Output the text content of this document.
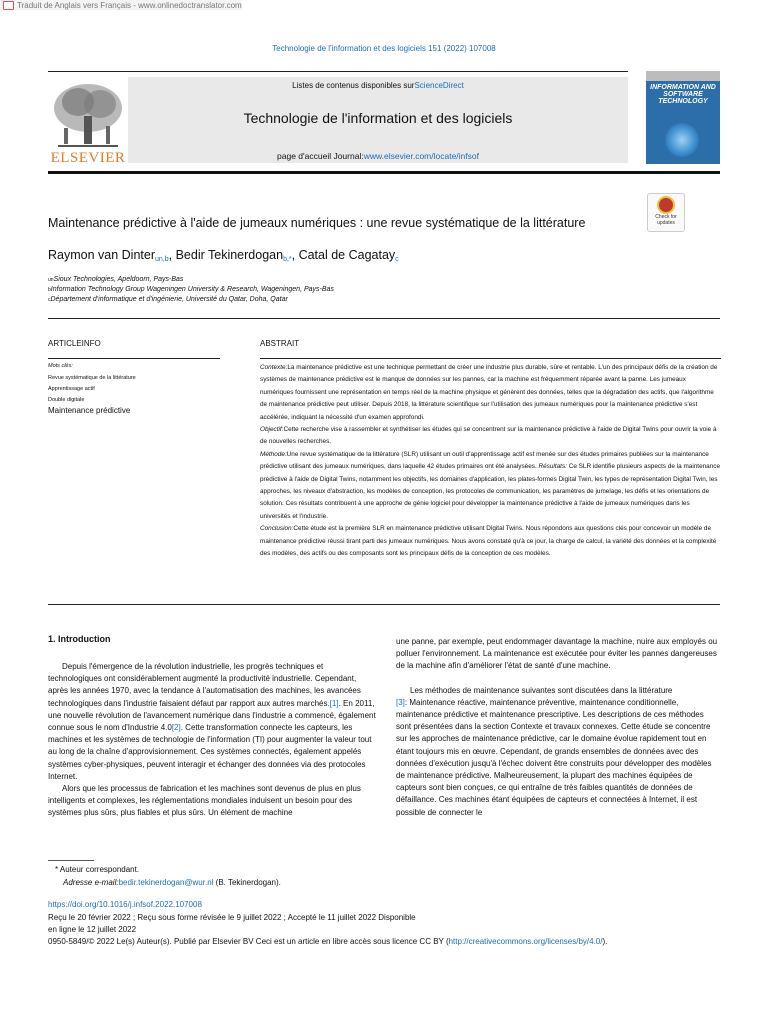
Traduit de Anglais vers Français - www.onlinedoctranslator.com
Technologie de l'information et des logiciels 151 (2022) 107008
ELSEVIER
Listes de contenus disponibles surScienceDirect
Technologie de l'information et des logiciels
page d'accueil Journal:www.elsevier.com/locate/infsof
INFORMATION AND SOFTWARE TECHNOLOGY
Maintenance prédictive à l'aide de jumeaux numériques : une revue systématique de la littérature	Check for updates
Raymon van Dinter$^{un,b}$, Bedir Tekinerdogan$^{b,*}$, Catal de Cagatay$^c$
unSioux Technologies, Apeldoorn, Pays-Bas
bInformation Technology Group Wageningen University & Research, Wageningen, Pays-Bas
cDépartement d'informatique et d'ingénierie, Université du Qatar, Doha, Qatar
ARTICLEINFO
Mots clés:
Revue systématique de la littérature
Apprentissage actif
Double digitale
Maintenance prédictive
ABSTRAIT
Contexte:La maintenance prédictive est une technique permettant de créer une industrie plus durable, sûre et rentable. L'un des principaux défis de la création de systèmes de maintenance prédictive est le manque de données sur les pannes, car la machine est fréquemment réparée avant la panne. Les jumeaux numériques fournissent une représentation en temps réel de la machine physique et génèrent des données, telles que la dégradation des actifs, que l'algorithme de maintenance prédictive peut utiliser. Depuis 2018, la littérature scientifique sur l'utilisation des jumeaux numériques pour la maintenance prédictive s'est accélérée, indiquant la nécessité d'un examen approfondi.
Objectif:Cette recherche vise à rassembler et synthétiser les études qui se concentrent sur la maintenance prédictive à l'aide de Digital Twins pour ouvrir la voie à de nouvelles recherches.
Méthode:Une revue systématique de la littérature (SLR) utilisant un outil d'apprentissage actif est menée sur des études primaires publiées sur la maintenance prédictive utilisant des jumeaux numériques, dans laquelle 42 études primaires ont été analysées. Résultats: Ce SLR identifie plusieurs aspects de la maintenance prédictive à l'aide de Digital Twins, notamment les objectifs, les domaines d'application, les plates-formes Digital Twin, les types de représentation Digital Twin, les approches, les niveaux d'abstraction, les modèles de conception, les protocoles de communication, les paramètres de jumelage, les défis et les orientations de solution. Ces résultats contribuent à une approche de génie logiciel pour développer la maintenance prédictive à l'aide de jumeaux numériques dans les universités et l'industrie.
Conclusion:Cette étude est la première SLR en maintenance prédictive utilisant Digital Twins. Nous répondons aux questions clés pour concevoir un modèle de maintenance prédictive réussi tirant parti des jumeaux numériques. Nous avons constaté qu'à ce jour, la charge de calcul, la variété des données et la complexité des modèles, des actifs ou des composants sont les principaux défis de la conception de ces modèles.
1. Introduction
Depuis l'émergence de la révolution industrielle, les progrès techniques et technologiques ont considérablement augmenté la productivité industrielle. Cependant, après les années 1970, avec la tendance à l'automatisation des machines, les avancées technologiques dans l'industrie faisaient défaut par rapport aux autres marchés.[1]. En 2011, une nouvelle révolution de l'avancement numérique dans l'industrie a commencé, également connue sous le nom d'Industrie 4.0[2]. Cette transformation connecte les capteurs, les machines et les systèmes de technologie de l'information (TI) pour augmenter la valeur tout au long de la chaîne d'approvisionnement. Ces systèmes connectés, également appelés systèmes cyber-physiques, peuvent interagir et échanger des données via des protocoles Internet.
Alors que les processus de fabrication et les machines sont devenus de plus en plus intelligents et complexes, les réglementations mondiales induisent un besoin pour des systèmes plus sûrs, plus fiables et plus sûrs. Un élément de machine
une panne, par exemple, peut endommager davantage la machine, nuire aux employés ou polluer l'environnement. La maintenance est exécutée pour éviter les pannes dangereuses de la machine afin d'améliorer l'état de santé d'une machine.
Les méthodes de maintenance suivantes sont discutées dans la littérature
[3]: Maintenance réactive, maintenance préventive, maintenance conditionnelle, maintenance prédictive et maintenance prescriptive. Les descriptions de ces méthodes sont présentées dans la section Contexte et travaux connexes. Cette étude se concentre sur les approches de maintenance prédictive, car le domaine évolue rapidement tout en étant toujours mis en œuvre. Cependant, de grands ensembles de données avec des données d'exécution jusqu'à l'échec doivent être construits pour développer des modèles de maintenance prédictive. Malheureusement, la plupart des machines équipées de capteurs sont bien conçues, ce qui entraîne de très faibles quantités de données de défaillance. Ces machines étant équipées de capteurs et connectées à Internet, il est possible de connecter le
* Auteur correspondant.
Adresse e-mail:bedir.tekinerdogan@wur.nl (B. Tekinerdogan).
https://doi.org/10.1016/j.infsof.2022.107008
Reçu le 20 février 2022 ; Reçu sous forme révisée le 9 juillet 2022 ; Accepté le 11 juillet 2022 Disponible
en ligne le 12 juillet 2022
0950-5849/© 2022 Le(s) Auteur(s). Publié par Elsevier BV Ceci est un article en libre accès sous licence CC BY (http://creativecommons.org/licenses/by/4.0/).
